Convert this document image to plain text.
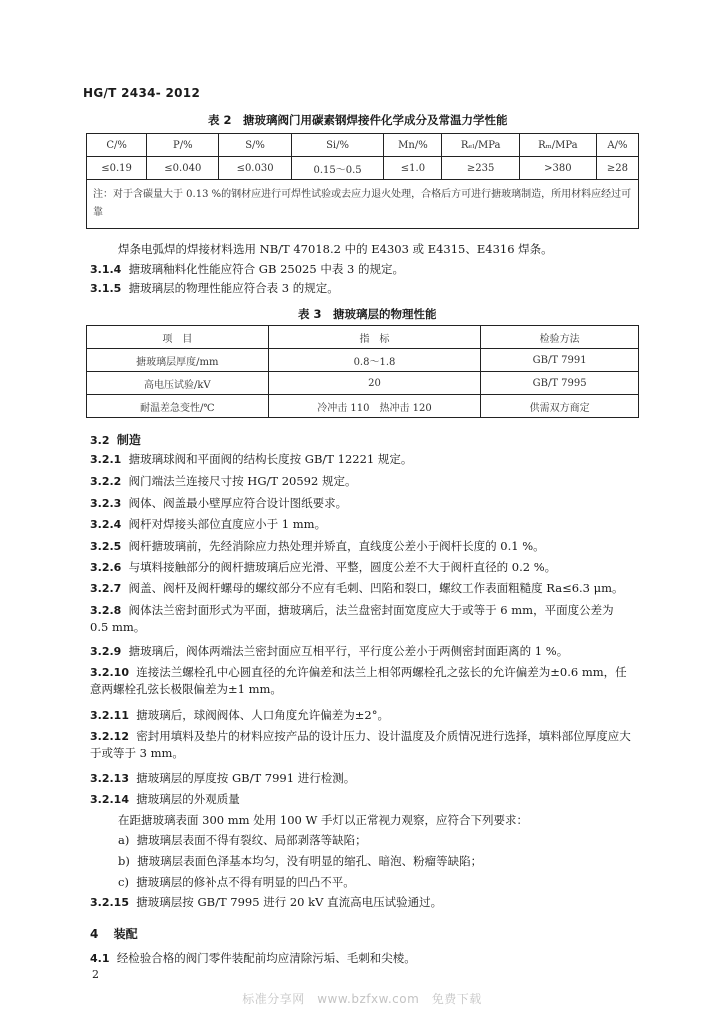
HG/T 2434- 2012
表 2　搪玻璃阀门用碳素钢焊接件化学成分及常温力学性能
C/%	P/%	S/%	Si/%	Mn/%	Rₑₗ/MPa	Rₘ/MPa	A/%
≤0.19	≤0.040	≤0.030	0.15～0.5	≤1.0	≥235	>380	≥28
注：对于含碳量大于 0.13 %的钢材应进行可焊性试验或去应力退火处理，合格后方可进行搪玻璃制造，所用材料应经过可靠							
焊条电弧焊的焊接材料选用 NB/T 47018.2 中的 E4303 或 E4315、E4316 焊条。
3.1.4 搪玻璃釉料化性能应符合 GB 25025 中表 3 的规定。
3.1.5 搪玻璃层的物理性能应符合表 3 的规定。
表 3　搪玻璃层的物理性能
项　目	指　标	检验方法
搪玻璃层厚度/mm	0.8～1.8	GB/T 7991
高电压试验/kV	20	GB/T 7995
耐温差急变性/℃	冷冲击 110　热冲击 120	供需双方商定
3.2 制造
3.2.1 搪玻璃球阀和平面阀的结构长度按 GB/T 12221 规定。
3.2.2 阀门端法兰连接尺寸按 HG/T 20592 规定。
3.2.3 阀体、阀盖最小壁厚应符合设计图纸要求。
3.2.4 阀杆对焊接头部位直度应小于 1 mm。
3.2.5 阀杆搪玻璃前，先经消除应力热处理并矫直，直线度公差小于阀杆长度的 0.1 %。
3.2.6 与填料接触部分的阀杆搪玻璃后应光滑、平整，圆度公差不大于阀杆直径的 0.2 %。
3.2.7 阀盖、阀杆及阀杆螺母的螺纹部分不应有毛刺、凹陷和裂口，螺纹工作表面粗糙度 Ra≤6.3 μm。
3.2.8 阀体法兰密封面形式为平面，搪玻璃后，法兰盘密封面宽度应大于或等于 6 mm，平面度公差为 0.5 mm。
3.2.9 搪玻璃后，阀体两端法兰密封面应互相平行，平行度公差小于两侧密封面距离的 1 %。
3.2.10 连接法兰螺栓孔中心圆直径的允许偏差和法兰上相邻两螺栓孔之弦长的允许偏差为±0.6 mm，任意两螺栓孔弦长极限偏差为±1 mm。
3.2.11 搪玻璃后，球阀阀体、人口角度允许偏差为±2°。
3.2.12 密封用填料及垫片的材料应按产品的设计压力、设计温度及介质情况进行选择，填料部位厚度应大于或等于 3 mm。
3.2.13 搪玻璃层的厚度按 GB/T 7991 进行检测。
3.2.14 搪玻璃层的外观质量
在距搪玻璃表面 300 mm 处用 100 W 手灯以正常视力观察，应符合下列要求：
a) 搪玻璃层表面不得有裂纹、局部剥落等缺陷；
b) 搪玻璃层表面色泽基本均匀，没有明显的缩孔、暗泡、粉瘤等缺陷；
c) 搪玻璃层的修补点不得有明显的凹凸不平。
3.2.15 搪玻璃层按 GB/T 7995 进行 20 kV 直流高电压试验通过。
4 装配
4.1 经检验合格的阀门零件装配前均应清除污垢、毛刺和尖棱。
2
标准分享网　www.bzfxw.com　免费下载
